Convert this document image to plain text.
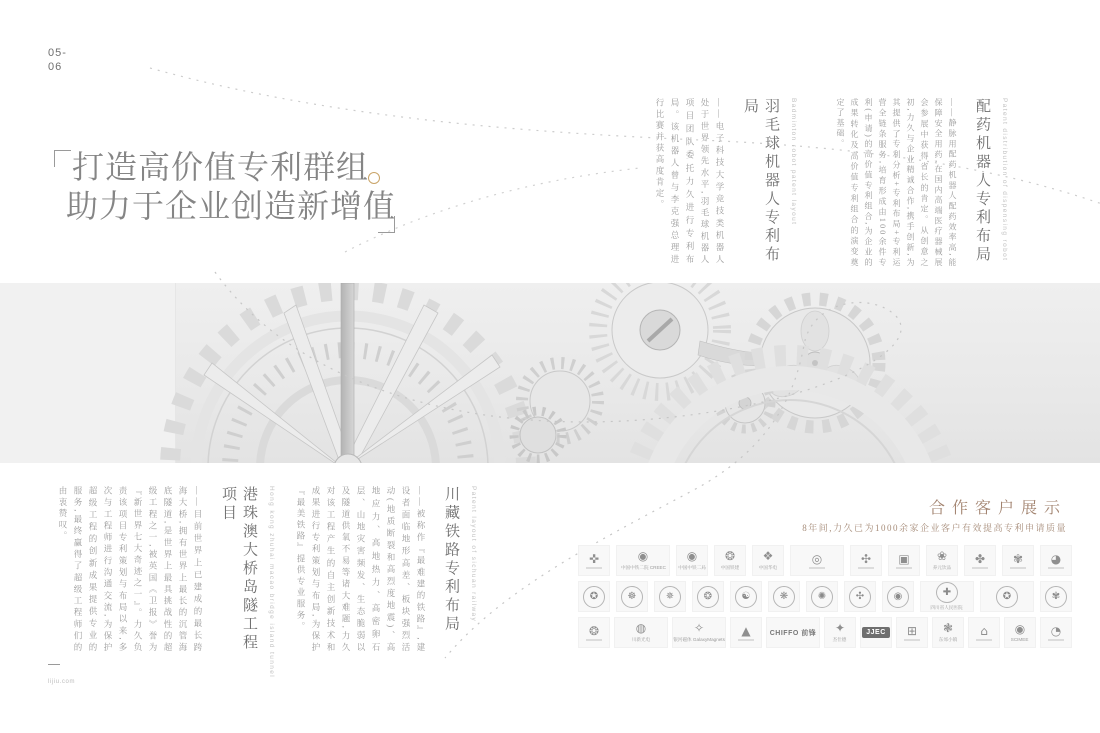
05-
06
打造高价值专利群组
助力于企业创造新增值	Badminton robot patent layout
羽毛球机器人专利布局
——电子科技大学竞技类机器人处于世界领先水平,羽毛球机器人项目团队委托力久进行专利布局。该机器人曾与李克强总理进行比赛并获高度肯定。	Patent distribution of dispensing robot
配药机器人专利布局
——静脉用配药机器人配药效率高,能保障安全用药,在国内高端医疗器械展会参展中获得省长的肯定。从创意之初,力久与企业精诚合作,携手创新,为其提供了专利分析+专利布局+专利运营全链条服务,培育形成由100余件专利(申请)的高价值专利组合,为企业的成果转化及高价值专利组合的演变奠定了基础。
Hong kong zhuhai macao bridge island tunnel
港珠澳大桥岛隧工程项目
——目前世界上已建成的最长跨海大桥,拥有世界上最长的沉管海底隧道,是世界上最具挑战性的超级工程之一,被英国《卫报》誉为『新世界七大奇迹之一』。力久负责该项目专利策划与布局以来,多次与工程师进行沟通交流,为保护超级工程的创新成果提供专业的服务,最终赢得了超级工程师们的由衷赞叹。	Patent layout of sichuan railway
川藏铁路专利布局
——被称作『最难建的铁路』,建设者面临地形高差、板块强烈活动(地质断裂和高烈度地震)、高地应力、高地热力、高密卵石层、山地灾害频发、生态脆弱以及隧道供氧不易等诸大难题,力久对该工程产生的自主创新技术和成果进行专利策划与布局,为保护『最美铁路』提供专业服务。	合作客户展示
8年间,力久已为1000余家企业客户有效提高专利申请质量
✜	◉
中国中铁二院 CREEC
◉
中国中铁二局
❂
中国铁建
❖
中国华电
◎	✣ ▣ ❀
养元饮品
✤ ✾ ◕
✪	☸	✵	❂	☯	❋	✺	✣	◉	✚
四川省人民医院
✪	✾
❂	◍
川新光电
✧
银河磁体 GalaxyMagnets
▲	CHIFFO 前锋 ✦
杰仕德
JJEC	⊞ ❃
东郊小镇
⌂ ◉
SCIMEE
◔
lijiu.com
